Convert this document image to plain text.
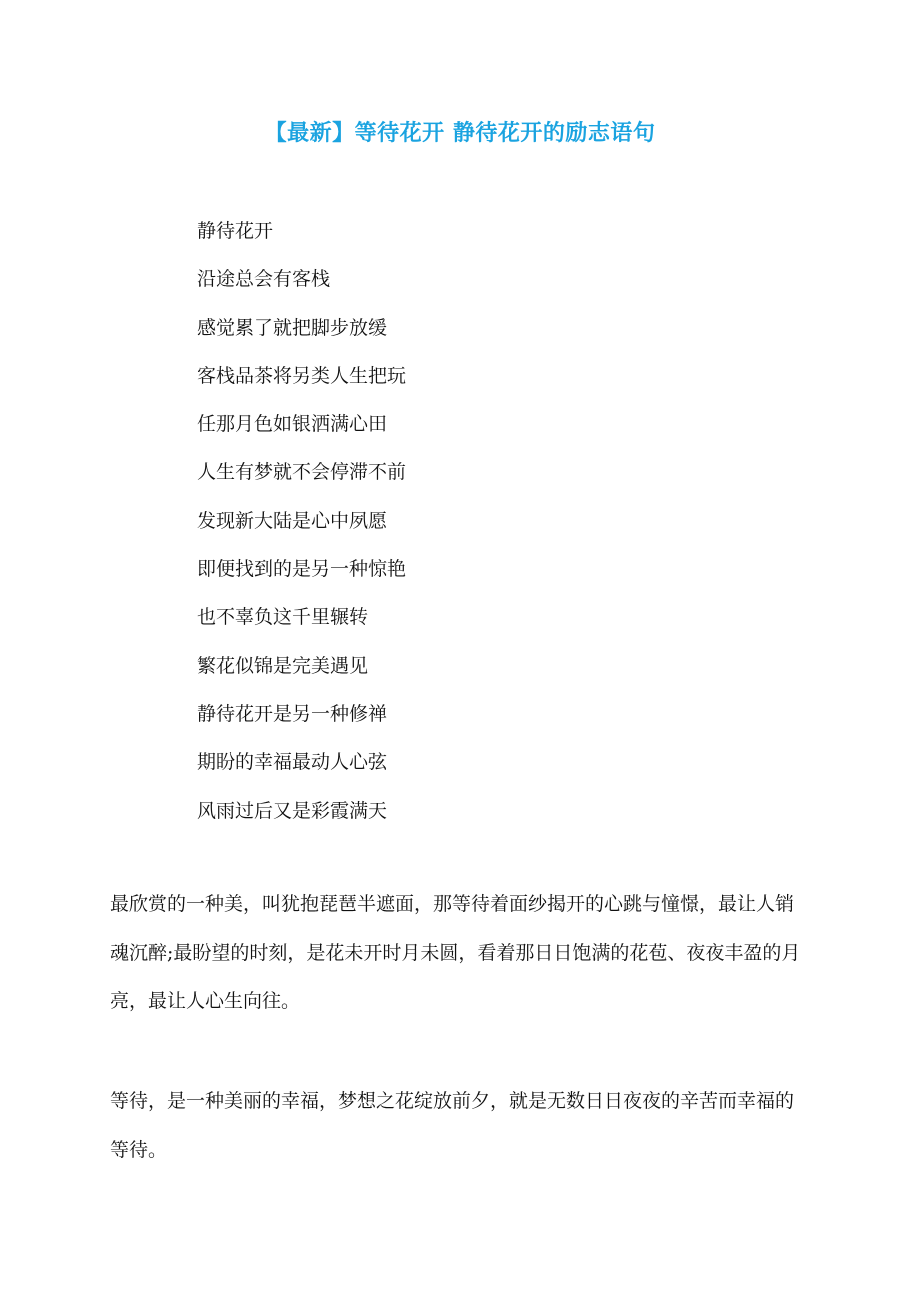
【最新】等待花开 静待花开的励志语句
静待花开
沿途总会有客栈
感觉累了就把脚步放缓
客栈品茶将另类人生把玩
任那月色如银洒满心田
人生有梦就不会停滞不前
发现新大陆是心中夙愿
即便找到的是另一种惊艳
也不辜负这千里辗转
繁花似锦是完美遇见
静待花开是另一种修禅
期盼的幸福最动人心弦
风雨过后又是彩霞满天

最欣赏的一种美，叫犹抱琵琶半遮面，那等待着面纱揭开的心跳与憧憬，最让人销魂沉醉;最盼望的时刻，是花未开时月未圆，看着那日日饱满的花苞、夜夜丰盈的月亮，最让人心生向往。

等待，是一种美丽的幸福，梦想之花绽放前夕，就是无数日日夜夜的辛苦而幸福的等待。
